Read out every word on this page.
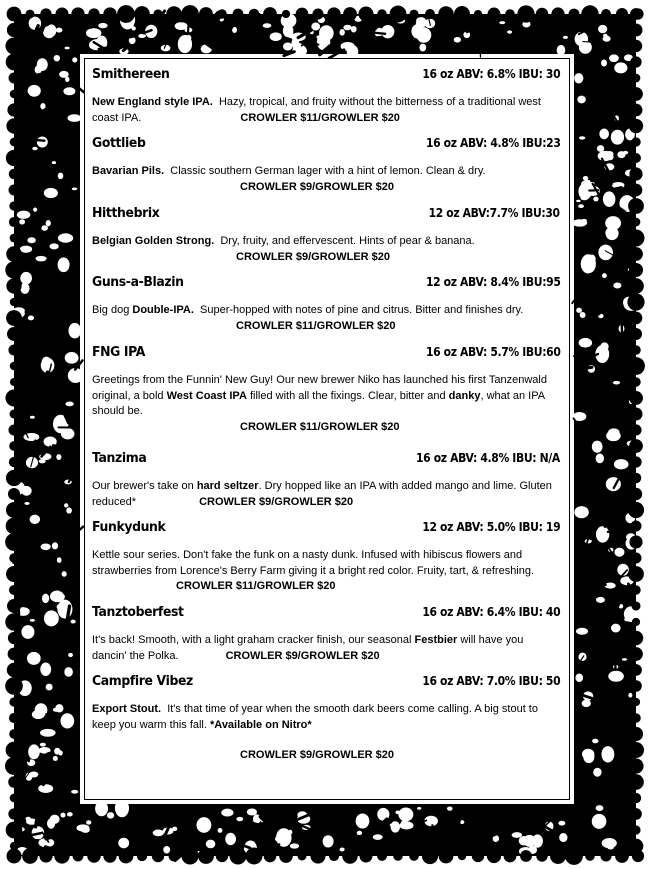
Smithereen	16 oz ABV: 6.8% IBU: 30
New England style IPA. Hazy, tropical, and fruity without the bitterness of a traditional west coast IPA.	CROWLER $11/GROWLER $20
Gottlieb	16 oz ABV: 4.8% IBU:23
Bavarian Pils. Classic southern German lager with a hint of lemon. Clean & dry.
CROWLER $9/GROWLER $20
Hitthebrix	12 oz ABV:7.7% IBU:30
Belgian Golden Strong. Dry, fruity, and effervescent. Hints of pear & banana.
CROWLER $9/GROWLER $20
Guns-a-Blazin	12 oz ABV: 8.4% IBU:95
Big dog Double-IPA. Super-hopped with notes of pine and citrus. Bitter and finishes dry.
CROWLER $11/GROWLER $20
FNG IPA	16 oz ABV: 5.7% IBU:60
Greetings from the Funnin' New Guy! Our new brewer Niko has launched his first Tanzenwald original, a bold West Coast IPA filled with all the fixings. Clear, bitter and danky, what an IPA should be.
CROWLER $11/GROWLER $20
Tanzima	16 oz ABV: 4.8% IBU: N/A
Our brewer's take on hard seltzer. Dry hopped like an IPA with added mango and lime. Gluten reduced*	CROWLER $9/GROWLER $20
Funkydunk	12 oz ABV: 5.0% IBU: 19
Kettle sour series. Don't fake the funk on a nasty dunk. Infused with hibiscus flowers and strawberries from Lorence's Berry Farm giving it a bright red color. Fruity, tart, & refreshing. CROWLER $11/GROWLER $20
Tanztoberfest	16 oz ABV: 6.4% IBU: 40
It's back! Smooth, with a light graham cracker finish, our seasonal Festbier will have you dancin' the Polka.	CROWLER $9/GROWLER $20
Campfire Vibez	16 oz ABV: 7.0% IBU: 50
Export Stout. It's that time of year when the smooth dark beers come calling. A big stout to keep you warm this fall. *Available on Nitro*
CROWLER $9/GROWLER $20
